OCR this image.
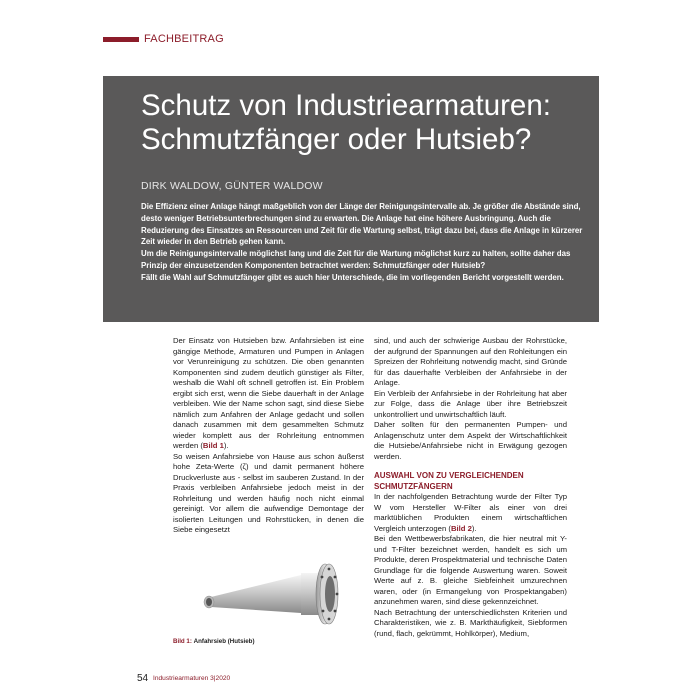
FACHBEITRAG
Schutz von Industriearmaturen:
Schmutzfänger oder Hutsieb?
DIRK WALDOW, GÜNTER WALDOW

Die Effizienz einer Anlage hängt maßgeblich von der Länge der Reinigungsintervalle ab. Je größer die Abstände sind, desto weniger Betriebsunterbrechungen sind zu erwarten. Die Anlage hat eine höhere Ausbringung. Auch die Reduzierung des Einsatzes an Ressourcen und Zeit für die Wartung selbst, trägt dazu bei, dass die Anlage in kürzerer Zeit wieder in den Betrieb gehen kann.

Um die Reinigungsintervalle möglichst lang und die Zeit für die Wartung möglichst kurz zu halten, sollte daher das Prinzip der einzusetzenden Komponenten betrachtet werden: Schmutzfänger oder Hutsieb?

Fällt die Wahl auf Schmutzfänger gibt es auch hier Unterschiede, die im vorliegenden Bericht vorgestellt werden.

Der Einsatz von Hutsieben bzw. Anfahrsieben ist eine gängige Methode, Armaturen und Pumpen in Anlagen vor Verunreinigung zu schützen. Die oben genannten Komponenten sind zudem deutlich günstiger als Filter, weshalb die Wahl oft schnell getroffen ist. Ein Problem ergibt sich erst, wenn die Siebe dauerhaft in der Anlage verbleiben. Wie der Name schon sagt, sind diese Siebe nämlich zum Anfahren der Anlage gedacht und sollen danach zusammen mit dem gesammelten Schmutz wieder komplett aus der Rohrleitung entnommen werden (Bild 1).

So weisen Anfahrsiebe von Hause aus schon äußerst hohe Zeta-Werte (ζ) und damit permanent höhere Druckverluste aus - selbst im sauberen Zustand. In der Praxis verbleiben Anfahrsiebe jedoch meist in der Rohrleitung und werden häufig noch nicht einmal gereinigt. Vor allem die aufwendige Demontage der isolierten Leitungen und Rohrstücken, in denen die Siebe eingesetzt

Bild 1: Anfahrsieb (Hutsieb)

sind, und auch der schwierige Ausbau der Rohrstücke, der aufgrund der Spannungen auf den Rohleitungen ein Spreizen der Rohrleitung notwendig macht, sind Gründe für das dauerhafte Verbleiben der Anfahrsiebe in der Anlage.

Ein Verbleib der Anfahrsiebe in der Rohrleitung hat aber zur Folge, dass die Anlage über ihre Betriebszeit unkontrolliert und unwirtschaftlich läuft.

Daher sollten für den permanenten Pumpen- und Anlagenschutz unter dem Aspekt der Wirtschaftlichkeit die Hutsiebe/Anfahrsiebe nicht in Erwägung gezogen werden.

AUSWAHL VON ZU VERGLEICHENDEN
SCHMUTZFÄNGERN

In der nachfolgenden Betrachtung wurde der Filter Typ W vom Hersteller W-Filter als einer von drei marktüblichen Produkten einem wirtschaftlichen Vergleich unterzogen (Bild 2).

Bei den Wettbewerbsfabrikaten, die hier neutral mit Y- und T-Filter bezeichnet werden, handelt es sich um Produkte, deren Prospektmaterial und technische Daten Grundlage für die folgende Auswertung waren. Soweit Werte auf z. B. gleiche Siebfeinheit umzurechnen waren, oder (in Ermangelung von Prospektangaben) anzunehmen waren, sind diese gekennzeichnet.

Nach Betrachtung der unterschiedlichsten Kriterien und Charakteristiken, wie z. B. Markthäufigkeit, Siebformen (rund, flach, gekrümmt, Hohlkörper), Medium,

54 Industriearmaturen 3|2020
